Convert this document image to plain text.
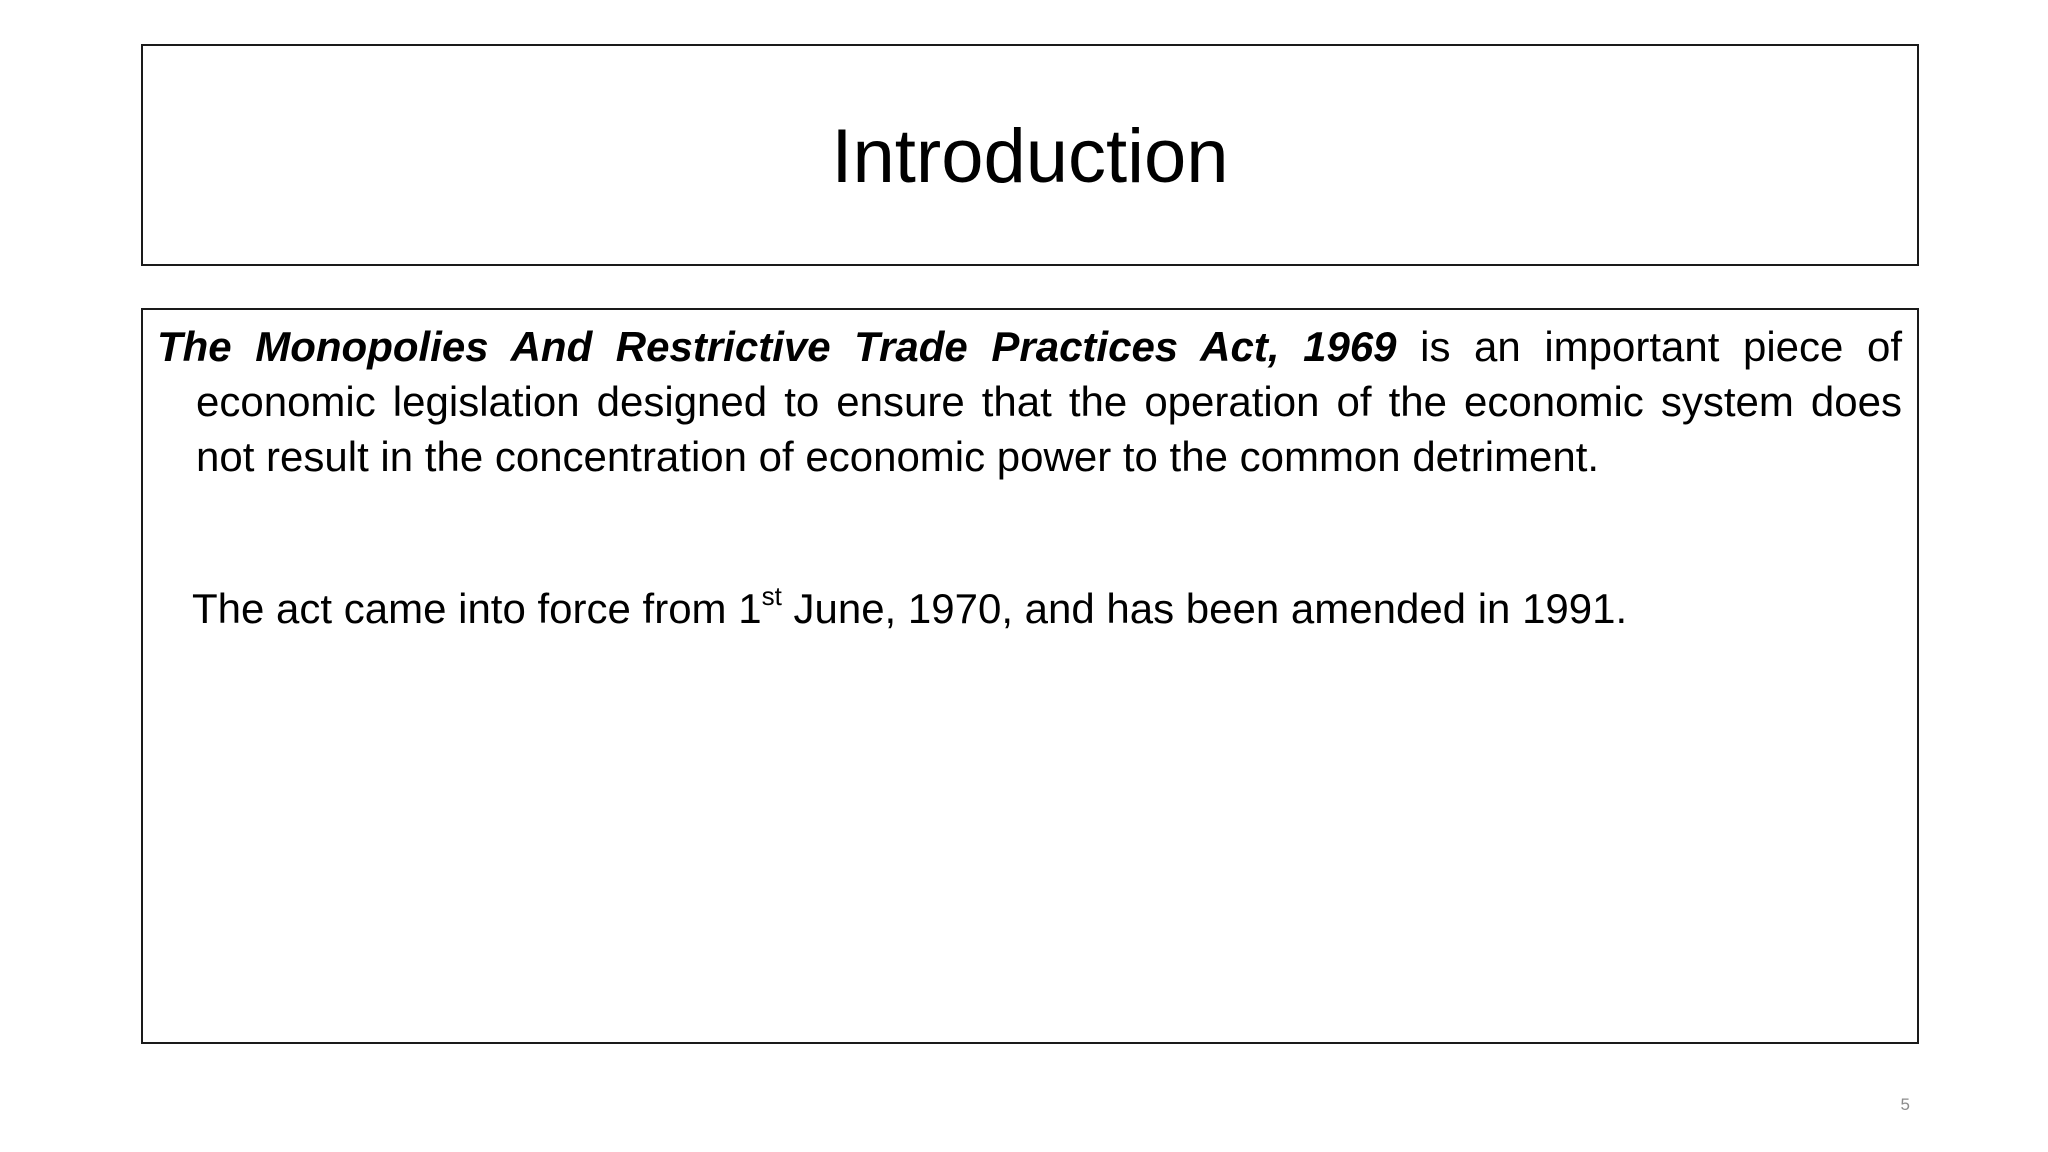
Introduction

The Monopolies And Restrictive Trade Practices Act, 1969 is an important piece of economic legislation designed to ensure that the operation of the economic system does not result in the concentration of economic power to the common detriment.

The act came into force from 1st June, 1970, and has been amended in 1991.

5
